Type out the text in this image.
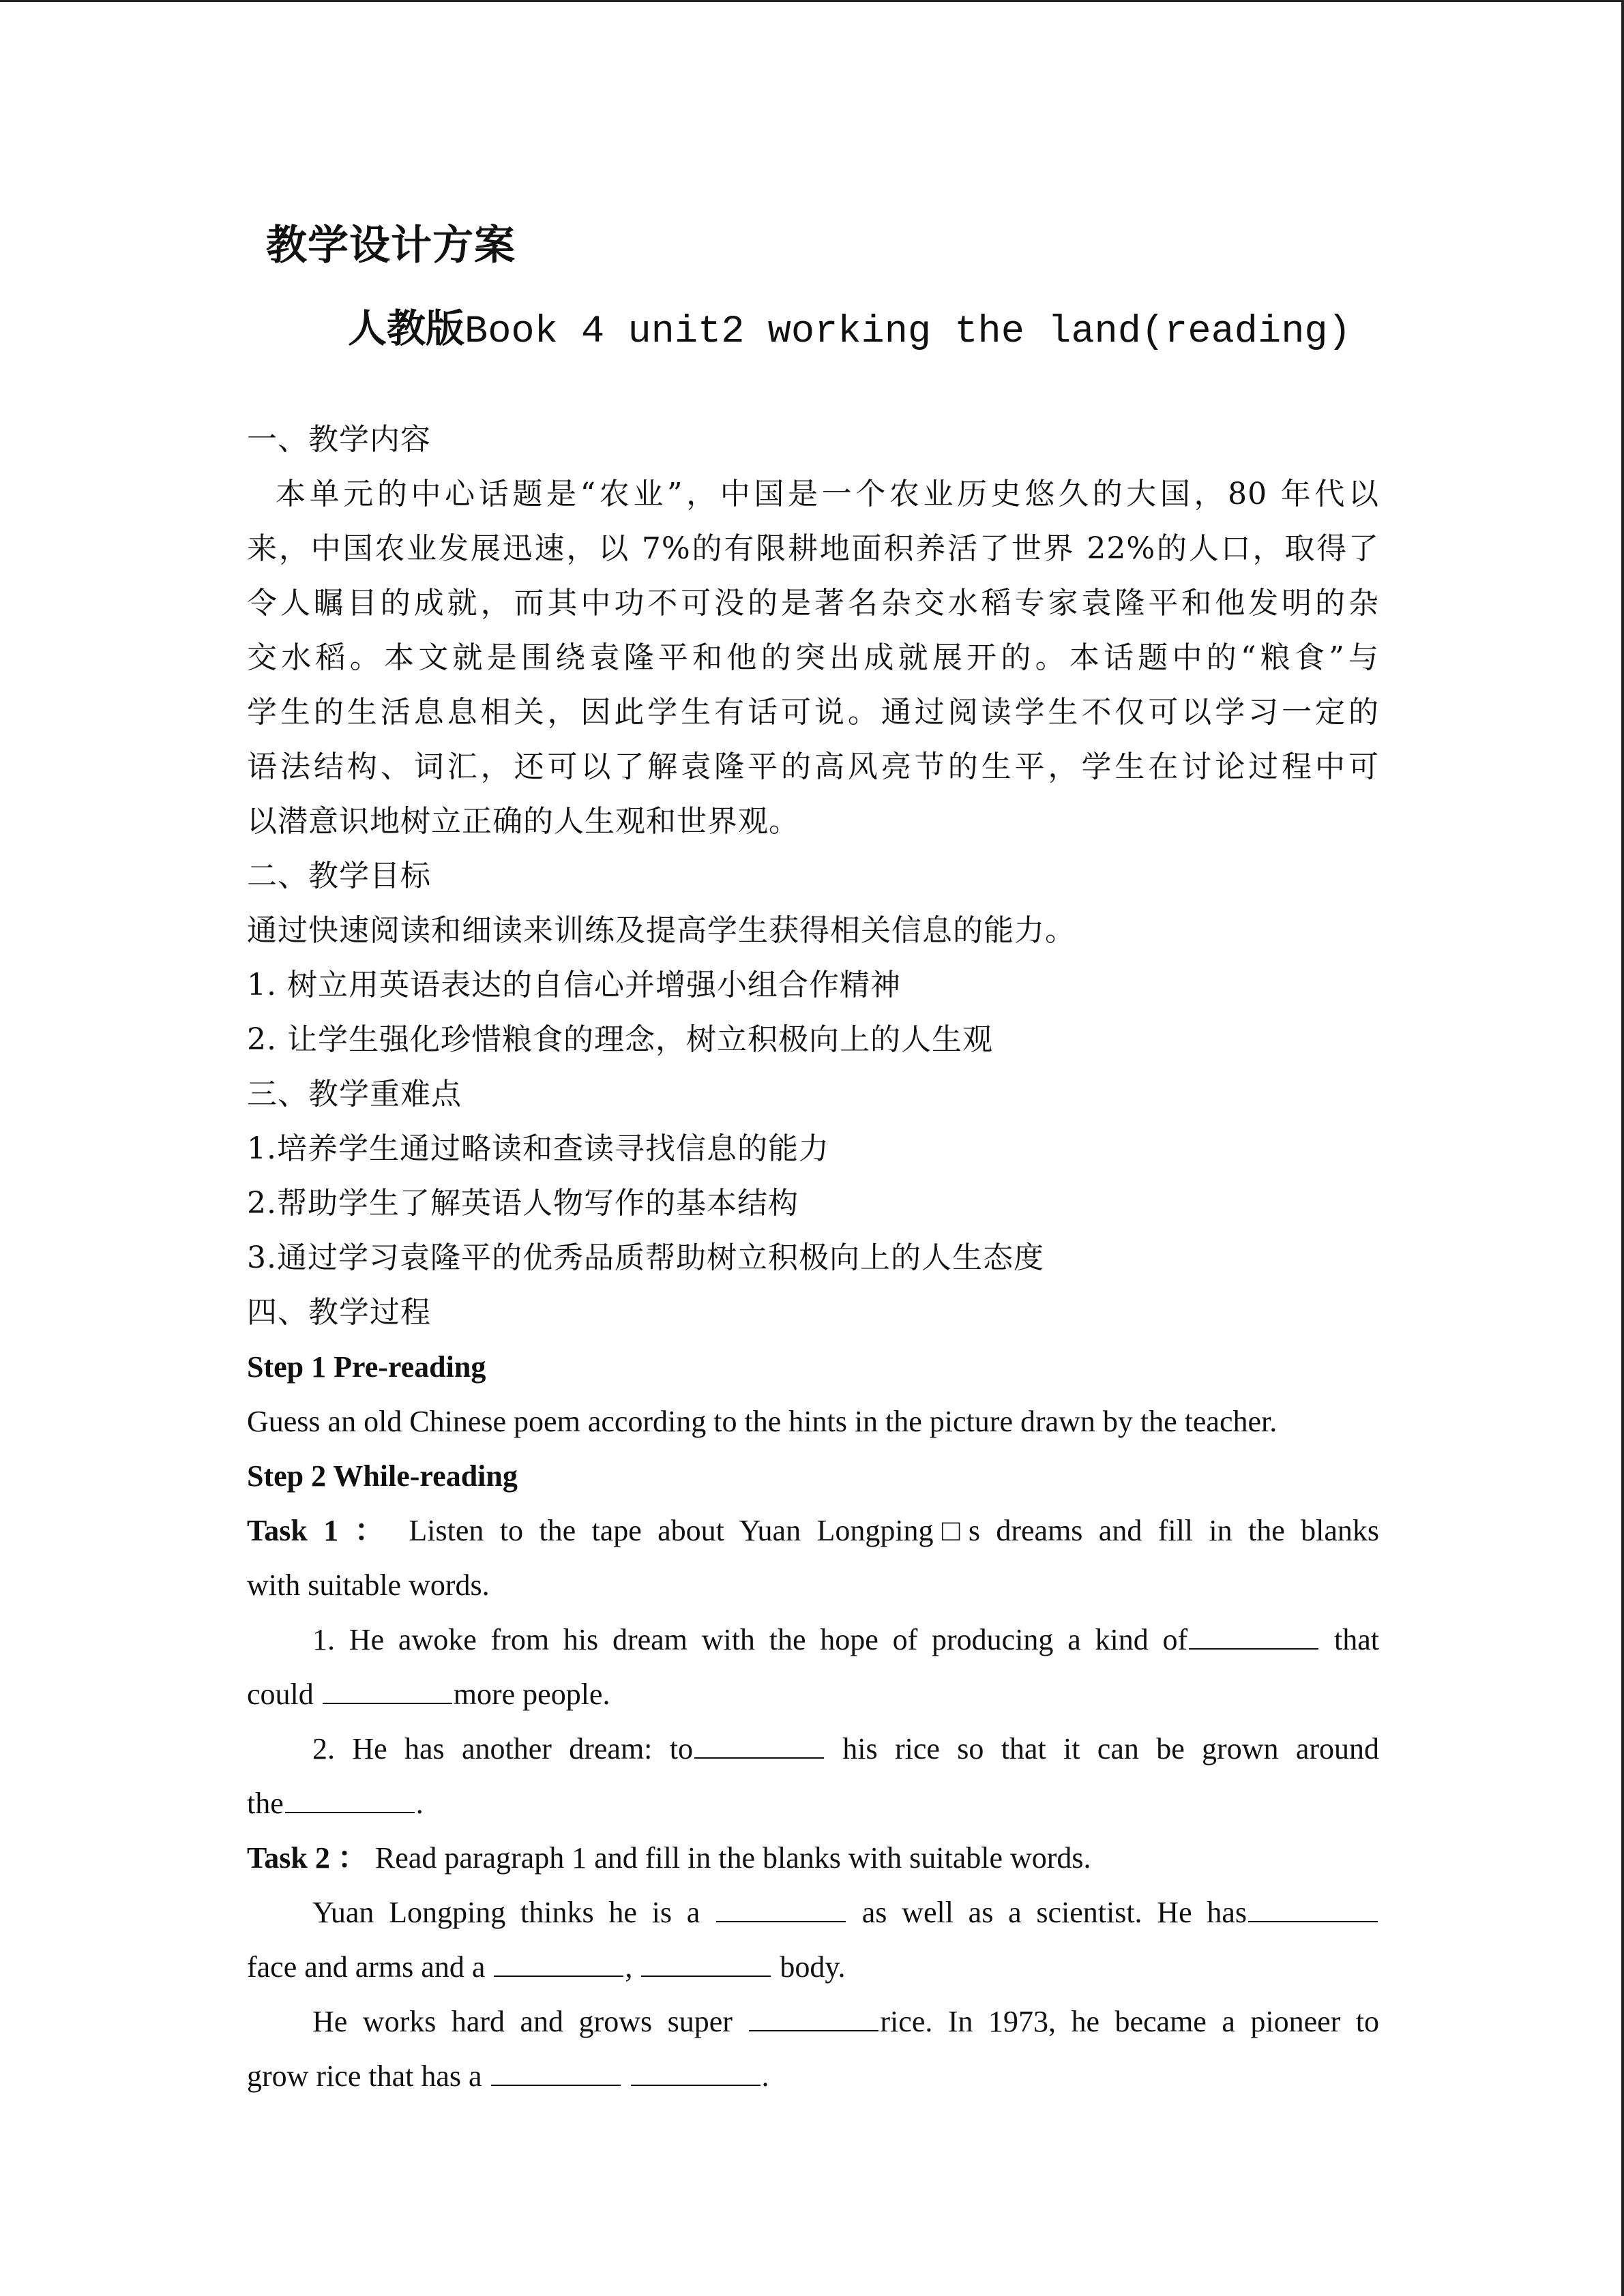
教学设计方案
人教版Book 4 unit2 working the land(reading)
一、教学内容
本单元的中心话题是“农业”，中国是一个农业历史悠久的大国，80 年代以
来，中国农业发展迅速，以 7%的有限耕地面积养活了世界 22%的人口，取得了
令人瞩目的成就，而其中功不可没的是著名杂交水稻专家袁隆平和他发明的杂
交水稻。本文就是围绕袁隆平和他的突出成就展开的。本话题中的“粮食”与
学生的生活息息相关，因此学生有话可说。通过阅读学生不仅可以学习一定的
语法结构、词汇，还可以了解袁隆平的高风亮节的生平，学生在讨论过程中可
以潜意识地树立正确的人生观和世界观。
二、教学目标
通过快速阅读和细读来训练及提高学生获得相关信息的能力。
1. 树立用英语表达的自信心并增强小组合作精神
2. 让学生强化珍惜粮食的理念，树立积极向上的人生观
三、教学重难点
1.培养学生通过略读和查读寻找信息的能力
2.帮助学生了解英语人物写作的基本结构
3.通过学习袁隆平的优秀品质帮助树立积极向上的人生态度
四、教学过程
Step 1 Pre-reading
Guess an old Chinese poem according to the hints in the picture drawn by the teacher.
Step 2 While-reading
Task 1 ： Listen to the tape about Yuan Longping□s dreams and fill in the blanks
with suitable words.
1. He awoke from his dream with the hope of producing a kind of	that
could	more people.
2. He has another dream: to	his rice so that it can be grown around
the	.
Task 2 ： Read paragraph 1 and fill in the blanks with suitable words.
Yuan Longping thinks he is a	as well as a scientist. He has
face and arms and a	,	body.
He works hard and grows super	rice. In 1973, he became a pioneer to
grow rice that has a	.
